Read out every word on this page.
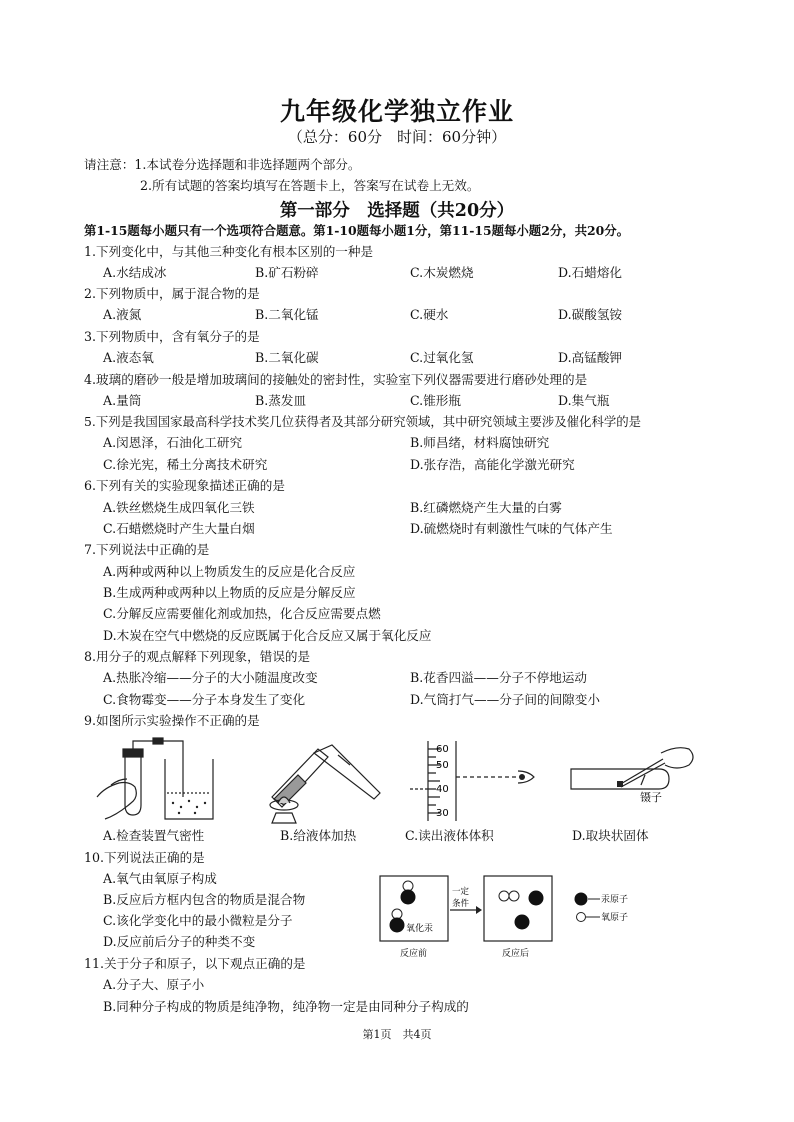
九年级化学独立作业
（总分：60分　时间：60分钟）
请注意：1.本试卷分选择题和非选择题两个部分。
2.所有试题的答案均填写在答题卡上，答案写在试卷上无效。
第一部分　选择题（共20分）
第1-15题每小题只有一个选项符合题意。第1-10题每小题1分，第11-15题每小题2分，共20分。
1.下列变化中，与其他三种变化有根本区别的一种是
A.水结成冰	B.矿石粉碎	C.木炭燃烧	D.石蜡熔化
2.下列物质中，属于混合物的是
A.液氮	B.二氧化锰	C.硬水	D.碳酸氢铵
3.下列物质中，含有氧分子的是
A.液态氧	B.二氧化碳	C.过氧化氢	D.高锰酸钾
4.玻璃的磨砂一般是增加玻璃间的接触处的密封性，实验室下列仪器需要进行磨砂处理的是
A.量筒	B.蒸发皿	C.锥形瓶	D.集气瓶
5.下列是我国国家最高科学技术奖几位获得者及其部分研究领域，其中研究领域主要涉及催化科学的是
A.闵恩泽，石油化工研究	B.师昌绪，材料腐蚀研究
C.徐光宪，稀土分离技术研究	D.张存浩，高能化学激光研究
6.下列有关的实验现象描述正确的是
A.铁丝燃烧生成四氧化三铁	B.红磷燃烧产生大量的白雾
C.石蜡燃烧时产生大量白烟	D.硫燃烧时有刺激性气味的气体产生
7.下列说法中正确的是
A.两种或两种以上物质发生的反应是化合反应
B.生成两种或两种以上物质的反应是分解反应
C.分解反应需要催化剂或加热，化合反应需要点燃
D.木炭在空气中燃烧的反应既属于化合反应又属于氧化反应
8.用分子的观点解释下列现象，错误的是
A.热胀冷缩——分子的大小随温度改变	B.花香四溢——分子不停地运动
C.食物霉变——分子本身发生了变化	D.气筒打气——分子间的间隙变小
9.如图所示实验操作不正确的是
60
50
40
30
镊子
A.检查装置气密性	B.给液体加热	C.读出液体体积	D.取块状固体
10.下列说法正确的是
A.氧气由氧原子构成
B.反应后方框内包含的物质是混合物
C.该化学变化中的最小微粒是分子
D.反应前后分子的种类不变
氧化汞
一定
条件
反应前	反应后
汞原子
氧原子
11.关于分子和原子，以下观点正确的是
A.分子大、原子小
B.同种分子构成的物质是纯净物，纯净物一定是由同种分子构成的
第1页　共4页
